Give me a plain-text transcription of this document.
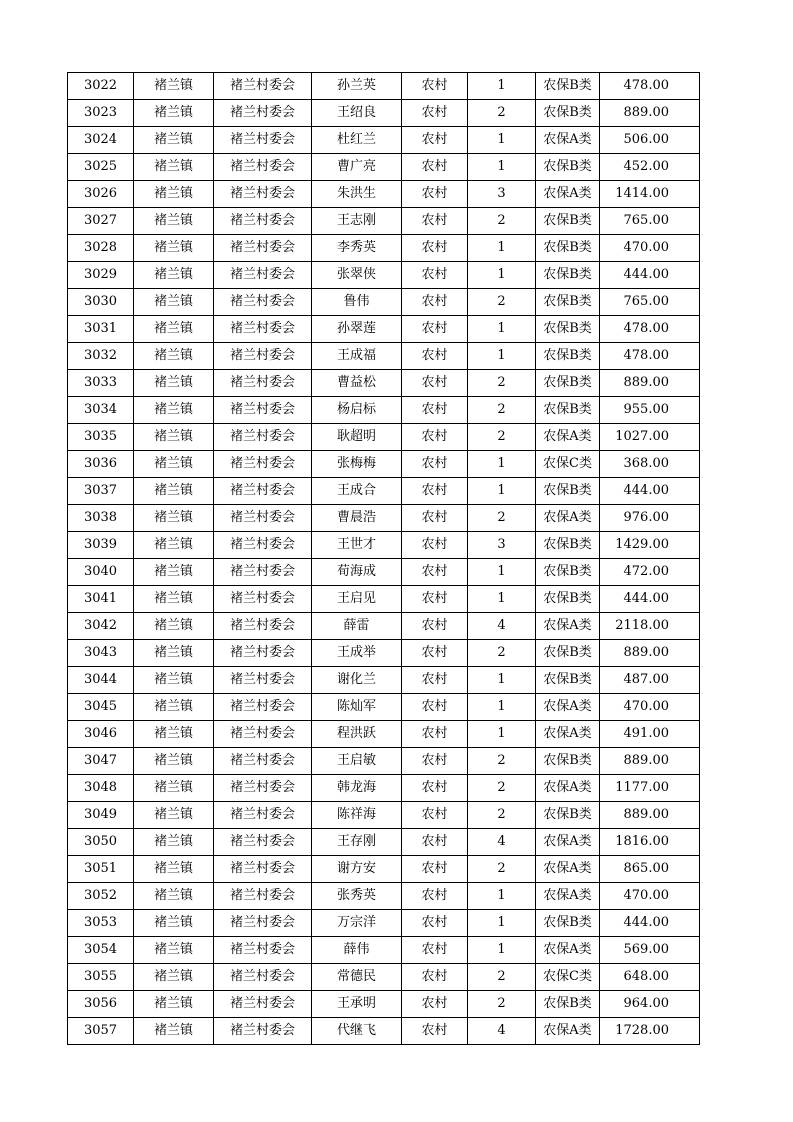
3022	褚兰镇	褚兰村委会	孙兰英	农村	1	农保B类	478.00
3023	褚兰镇	褚兰村委会	王绍良	农村	2	农保B类	889.00
3024	褚兰镇	褚兰村委会	杜红兰	农村	1	农保A类	506.00
3025	褚兰镇	褚兰村委会	曹广亮	农村	1	农保B类	452.00
3026	褚兰镇	褚兰村委会	朱洪生	农村	3	农保A类	1414.00
3027	褚兰镇	褚兰村委会	王志刚	农村	2	农保B类	765.00
3028	褚兰镇	褚兰村委会	李秀英	农村	1	农保B类	470.00
3029	褚兰镇	褚兰村委会	张翠侠	农村	1	农保B类	444.00
3030	褚兰镇	褚兰村委会	鲁伟	农村	2	农保B类	765.00
3031	褚兰镇	褚兰村委会	孙翠莲	农村	1	农保B类	478.00
3032	褚兰镇	褚兰村委会	王成福	农村	1	农保B类	478.00
3033	褚兰镇	褚兰村委会	曹益松	农村	2	农保B类	889.00
3034	褚兰镇	褚兰村委会	杨启标	农村	2	农保B类	955.00
3035	褚兰镇	褚兰村委会	耿超明	农村	2	农保A类	1027.00
3036	褚兰镇	褚兰村委会	张梅梅	农村	1	农保C类	368.00
3037	褚兰镇	褚兰村委会	王成合	农村	1	农保B类	444.00
3038	褚兰镇	褚兰村委会	曹晨浩	农村	2	农保A类	976.00
3039	褚兰镇	褚兰村委会	王世才	农村	3	农保B类	1429.00
3040	褚兰镇	褚兰村委会	荀海成	农村	1	农保B类	472.00
3041	褚兰镇	褚兰村委会	王启见	农村	1	农保B类	444.00
3042	褚兰镇	褚兰村委会	薛雷	农村	4	农保A类	2118.00
3043	褚兰镇	褚兰村委会	王成举	农村	2	农保B类	889.00
3044	褚兰镇	褚兰村委会	谢化兰	农村	1	农保B类	487.00
3045	褚兰镇	褚兰村委会	陈灿军	农村	1	农保A类	470.00
3046	褚兰镇	褚兰村委会	程洪跃	农村	1	农保A类	491.00
3047	褚兰镇	褚兰村委会	王启敏	农村	2	农保B类	889.00
3048	褚兰镇	褚兰村委会	韩龙海	农村	2	农保A类	1177.00
3049	褚兰镇	褚兰村委会	陈祥海	农村	2	农保B类	889.00
3050	褚兰镇	褚兰村委会	王存刚	农村	4	农保A类	1816.00
3051	褚兰镇	褚兰村委会	谢方安	农村	2	农保A类	865.00
3052	褚兰镇	褚兰村委会	张秀英	农村	1	农保A类	470.00
3053	褚兰镇	褚兰村委会	万宗洋	农村	1	农保B类	444.00
3054	褚兰镇	褚兰村委会	薛伟	农村	1	农保A类	569.00
3055	褚兰镇	褚兰村委会	常德民	农村	2	农保C类	648.00
3056	褚兰镇	褚兰村委会	王承明	农村	2	农保B类	964.00
3057	褚兰镇	褚兰村委会	代继飞	农村	4	农保A类	1728.00
